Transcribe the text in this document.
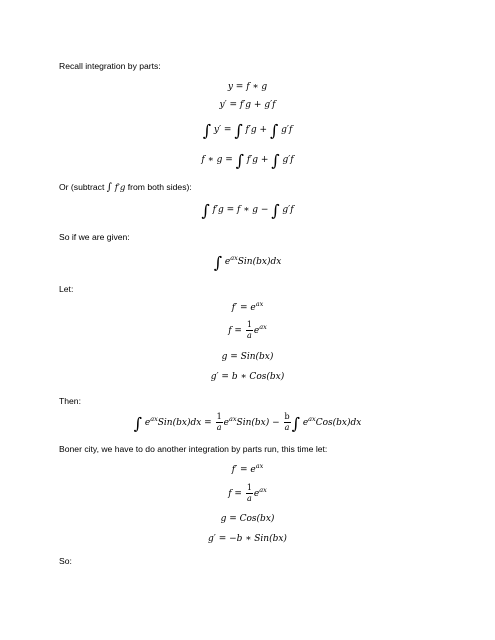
Recall integration by parts:
y = f ∗ g
y′ = f′g + g′f
∫ y′ = ∫ f′g + ∫ g′f
f ∗ g = ∫ f′g + ∫ g′f
Or (subtract ∫ f′g from both sides):
∫ f′g = f ∗ g − ∫ g′f
So if we are given:
∫ $e^{ax}Sin(bx)dx$
Let:
$f' = e^{ax}$
$f = \frac{1}{a} e^{ax}$
g = Sin(bx)
g′ = b ∗ Cos(bx)
Then:
∫ $e^{ax}Sin(bx)dx = \frac{1}{a} e^{ax}Sin(bx) - \frac{b}{a}$ ∫ $e^{ax}Cos(bx)dx$
Boner city, we have to do another integration by parts run, this time let:
$f' = e^{ax}$
$f = \frac{1}{a} e^{ax}$
g = Cos(bx)
g′ = −b ∗ Sin(bx)
So:
